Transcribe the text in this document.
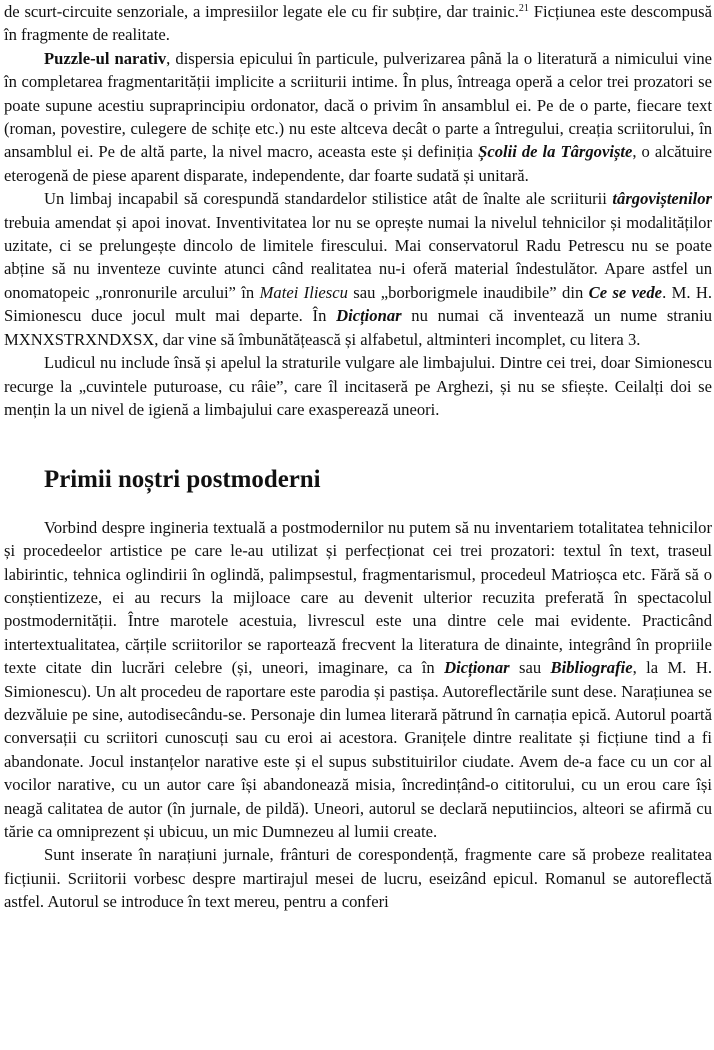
de scurt-circuite senzoriale, a impresiilor legate ele cu fir subțire, dar trainic.$^{21}$ Ficțiunea este descompusă în fragmente de realitate.

Puzzle-ul narativ, dispersia epicului în particule, pulverizarea până la o literatură a nimicului vine în completarea fragmentarității implicite a scriiturii intime. În plus, întreaga operă a celor trei prozatori se poate supune acestiu supraprincipiu ordonator, dacă o privim în ansamblul ei. Pe de o parte, fiecare text (roman, povestire, culegere de schițe etc.) nu este altceva decât o parte a întregului, creația scriitorului, în ansamblul ei. Pe de altă parte, la nivel macro, aceasta este și definiția Școlii de la Târgoviște, o alcătuire eterogenă de piese aparent disparate, independente, dar foarte sudată și unitară.

Un limbaj incapabil să corespundă standardelor stilistice atât de înalte ale scriiturii târgoviștenilor trebuia amendat și apoi inovat. Inventivitatea lor nu se oprește numai la nivelul tehnicilor și modalităților uzitate, ci se prelungește dincolo de limitele firescului. Mai conservatorul Radu Petrescu nu se poate abține să nu inventeze cuvinte atunci când realitatea nu-i oferă material îndestulător. Apare astfel un onomatopeic „ronronurile arcului” în Matei Iliescu sau „borborigmele inaudibile” din Ce se vede. M. H. Simionescu duce jocul mult mai departe. În Dicționar nu numai că inventează un nume straniu MXNXSTRXNDXSX, dar vine să îmbunătățească și alfabetul, altminteri incomplet, cu litera 3.

Ludicul nu include însă și apelul la straturile vulgare ale limbajului. Dintre cei trei, doar Simionescu recurge la „cuvintele puturoase, cu râie”, care îl incitaseră pe Arghezi, și nu se sfiește. Ceilalți doi se mențin la un nivel de igienă a limbajului care exasperează uneori.

Primii noștri postmoderni

Vorbind despre ingineria textuală a postmodernilor nu putem să nu inventariem totalitatea tehnicilor și procedeelor artistice pe care le-au utilizat și perfecționat cei trei prozatori: textul în text, traseul labirintic, tehnica oglindirii în oglindă, palimpsestul, fragmentarismul, procedeul Matrioșca etc. Fără să o conștientizeze, ei au recurs la mijloace care au devenit ulterior recuzita preferată în spectacolul postmodernității. Între marotele acestuia, livrescul este una dintre cele mai evidente. Practicând intertextualitatea, cărțile scriitorilor se raportează frecvent la literatura de dinainte, integrând în propriile texte citate din lucrări celebre (și, uneori, imaginare, ca în Dicționar sau Bibliografie, la M. H. Simionescu). Un alt procedeu de raportare este parodia și pastișa. Autoreflectările sunt dese. Narațiunea se dezvăluie pe sine, autodisecându-se. Personaje din lumea literară pătrund în carnația epică. Autorul poartă conversații cu scriitori cunoscuți sau cu eroi ai acestora. Granițele dintre realitate și ficțiune tind a fi abandonate. Jocul instanțelor narative este și el supus substituirilor ciudate. Avem de-a face cu un cor al vocilor narative, cu un autor care își abandonează misia, încredințând-o cititorului, cu un erou care își neagă calitatea de autor (în jurnale, de pildă). Uneori, autorul se declară neputiincios, alteori se afirmă cu tărie ca omniprezent și ubicuu, un mic Dumnezeu al lumii create.

Sunt inserate în narațiuni jurnale, frânturi de corespondență, fragmente care să probeze realitatea ficțiunii. Scriitorii vorbesc despre martirajul mesei de lucru, eseizând epicul. Romanul se autoreflectă astfel. Autorul se introduce în text mereu, pentru a conferi
